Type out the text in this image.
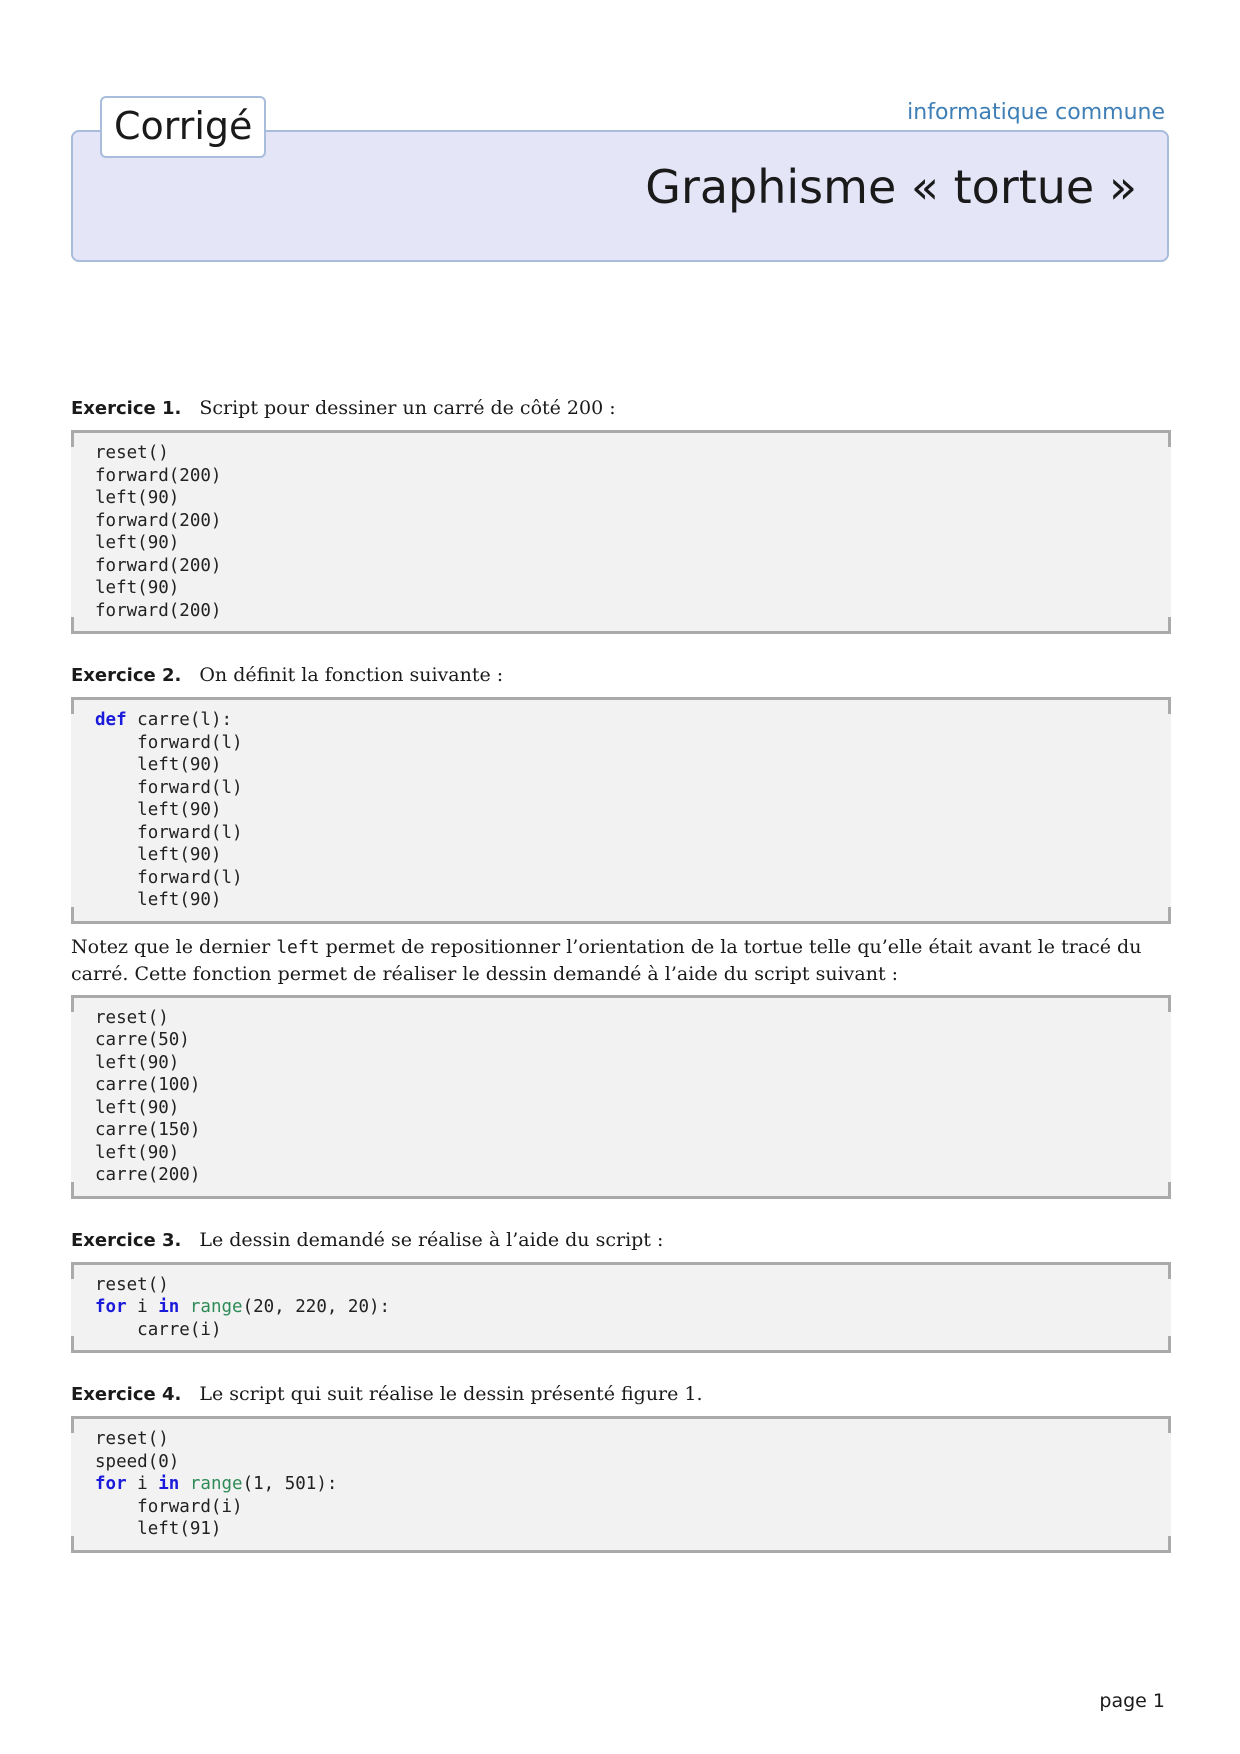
informatique commune
Graphisme « tortue »
Corrigé

Exercice 1. Script pour dessiner un carré de côté 200 :

reset()
forward(200)
left(90)
forward(200)
left(90)
forward(200)
left(90)
forward(200)

Exercice 2. On définit la fonction suivante :

def carre(l):
forward(l)
left(90)
forward(l)
left(90)
forward(l)
left(90)
forward(l)
left(90)

Notez que le dernier left permet de repositionner l’orientation de la tortue telle qu’elle était avant le tracé du carré. Cette fonction permet de réaliser le dessin demandé à l’aide du script suivant :

reset()
carre(50)
left(90)
carre(100)
left(90)
carre(150)
left(90)
carre(200)

Exercice 3. Le dessin demandé se réalise à l’aide du script :

reset()
for i in range(20, 220, 20):
carre(i)

Exercice 4. Le script qui suit réalise le dessin présenté figure 1.

reset()
speed(0)
for i in range(1, 501):
forward(i)
left(91)
page 1
